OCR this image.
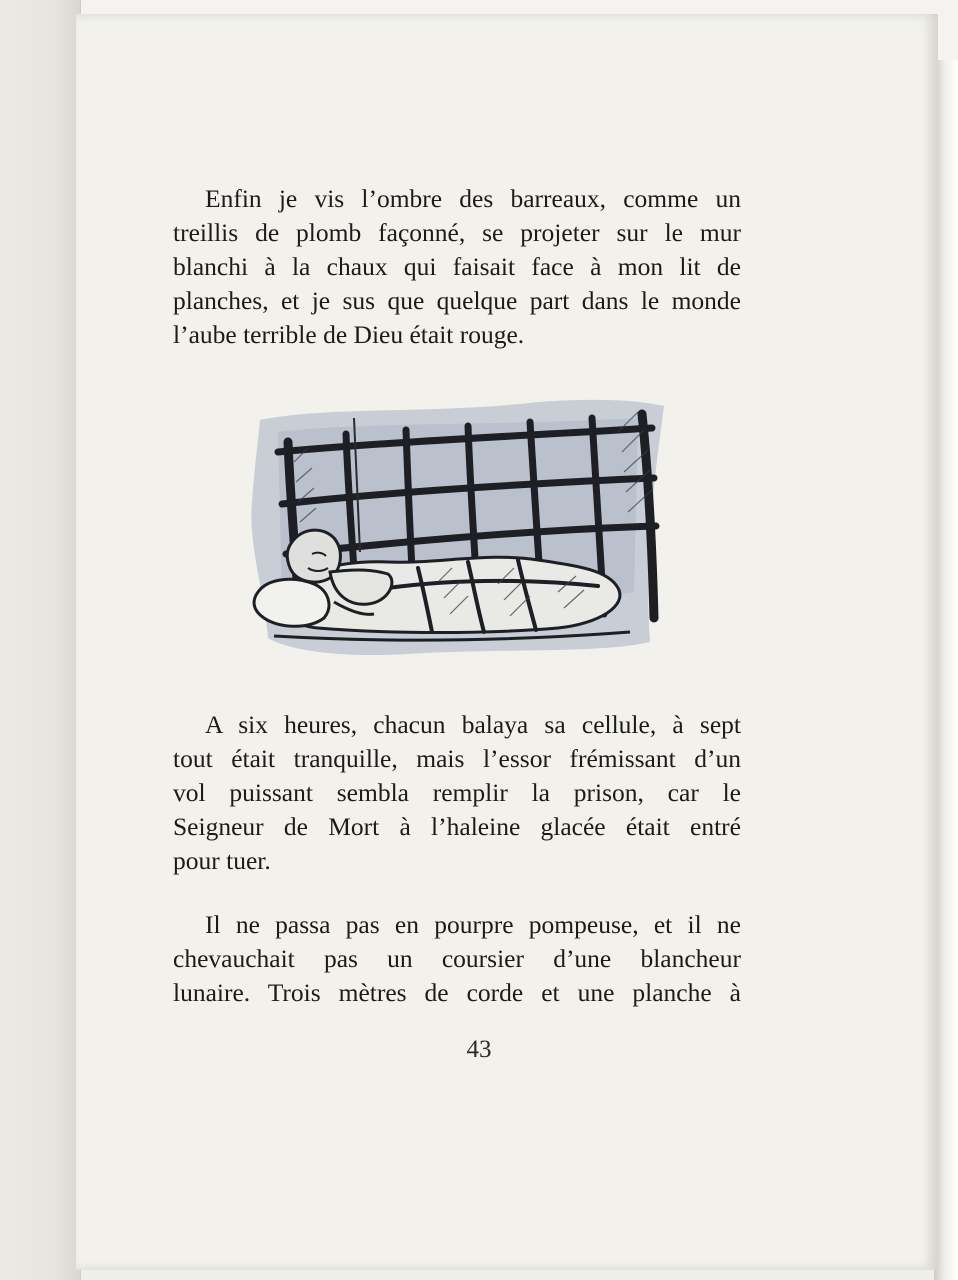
Enfin je vis l’ombre des barreaux, comme un
treillis de plomb façonné, se projeter sur le mur
blanchi à la chaux qui faisait face à mon lit de
planches, et je sus que quelque part dans le monde
l’aube terrible de Dieu était rouge.
A six heures, chacun balaya sa cellule, à sept
tout était tranquille, mais l’essor frémissant d’un
vol puissant sembla remplir la prison, car le
Seigneur de Mort à l’haleine glacée était entré
pour tuer.
Il ne passa pas en pourpre pompeuse, et il ne
chevauchait pas un coursier d’une blancheur
lunaire. Trois mètres de corde et une planche à
43
